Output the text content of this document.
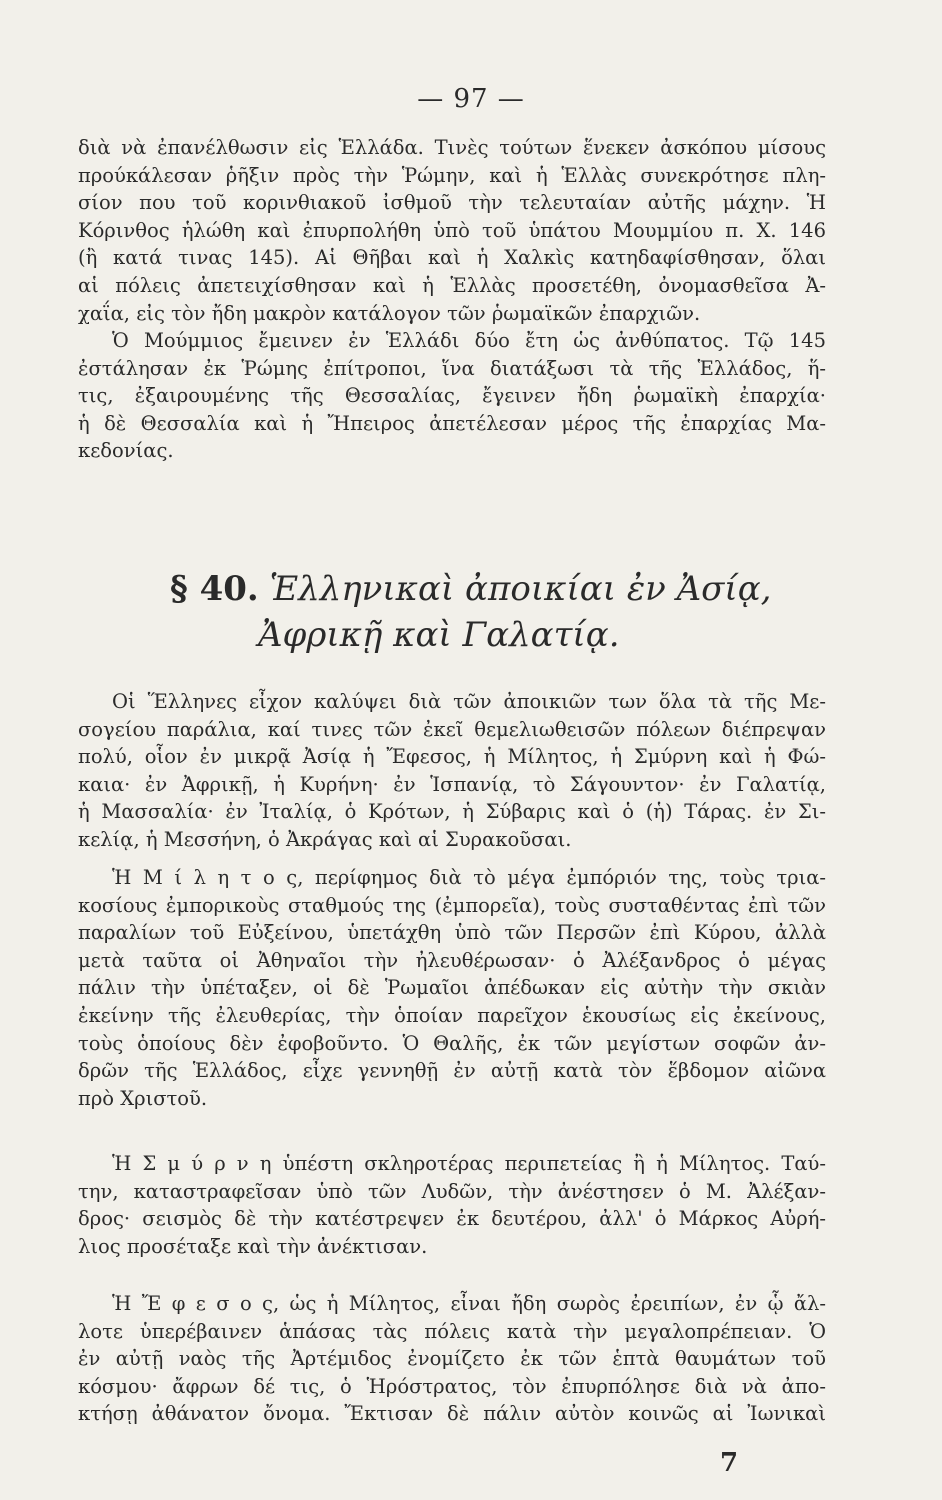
— 97 —
διὰ νὰ ἐπανέλθωσιν εἰς Ἑλλάδα. Τινὲς τούτων ἕνεκεν ἀσκόπου μίσους
προύκάλεσαν ῥῆξιν πρὸς τὴν Ῥώμην, καὶ ἡ Ἑλλὰς συνεκρότησε πλη-
σίον που τοῦ κορινθιακοῦ ἰσθμοῦ τὴν τελευταίαν αὐτῆς μάχην. Ἡ
Κόρινθος ἡλώθη καὶ ἐπυρπολήθη ὑπὸ τοῦ ὑπάτου Μουμμίου π. Χ. 146
(ἢ κατά τινας 145). Αἱ Θῆβαι καὶ ἡ Χαλκὶς κατηδαφίσθησαν, ὅλαι
αἱ πόλεις ἀπετειχίσθησαν καὶ ἡ Ἑλλὰς προσετέθη, ὀνομασθεῖσα Ἀ-
χαΐα, εἰς τὸν ἤδη μακρὸν κατάλογον τῶν ῥωμαϊκῶν ἐπαρχιῶν.
Ὁ Μούμμιος ἔμεινεν ἐν Ἑλλάδι δύο ἔτη ὡς ἀνθύπατος. Τῷ 145
ἐστάλησαν ἐκ Ῥώμης ἐπίτροποι, ἵνα διατάξωσι τὰ τῆς Ἑλλάδος, ἥ-
τις, ἐξαιρουμένης τῆς Θεσσαλίας, ἔγεινεν ἤδη ῥωμαϊκὴ ἐπαρχία·
ἡ δὲ Θεσσαλία καὶ ἡ Ἤπειρος ἀπετέλεσαν μέρος τῆς ἐπαρχίας Μα-
κεδονίας.
§ 40. Ἑλληνικαὶ ἀποικίαι ἐν Ἀσίᾳ,
Ἀφρικῇ καὶ Γαλατίᾳ.
Οἱ Ἕλληνες εἶχον καλύψει διὰ τῶν ἀποικιῶν των ὅλα τὰ τῆς Με-
σογείου παράλια, καί τινες τῶν ἐκεῖ θεμελιωθεισῶν πόλεων διέπρεψαν
πολύ, οἷον ἐν μικρᾷ Ἀσίᾳ ἡ Ἔφεσος, ἡ Μίλητος, ἡ Σμύρνη καὶ ἡ Φώ-
καια· ἐν Ἀφρικῇ, ἡ Κυρήνη· ἐν Ἱσπανίᾳ, τὸ Σάγουντον· ἐν Γαλατίᾳ,
ἡ Μασσαλία· ἐν Ἰταλίᾳ, ὁ Κρότων, ἡ Σύβαρις καὶ ὁ (ἡ) Τάρας. ἐν Σι-
κελίᾳ, ἡ Μεσσήνη, ὁ Ἀκράγας καὶ αἱ Συρακοῦσαι.
Ἡ Μ ί λ η τ ο ς, περίφημος διὰ τὸ μέγα ἐμπόριόν της, τοὺς τρια-
κοσίους ἐμπορικοὺς σταθμούς της (ἐμπορεῖα), τοὺς συσταθέντας ἐπὶ τῶν
παραλίων τοῦ Εὐξείνου, ὑπετάχθη ὑπὸ τῶν Περσῶν ἐπὶ Κύρου, ἀλλὰ
μετὰ ταῦτα οἱ Ἀθηναῖοι τὴν ἠλευθέρωσαν· ὁ Ἀλέξανδρος ὁ μέγας
πάλιν τὴν ὑπέταξεν, οἱ δὲ Ῥωμαῖοι ἀπέδωκαν εἰς αὐτὴν τὴν σκιὰν
ἐκείνην τῆς ἐλευθερίας, τὴν ὁποίαν παρεῖχον ἑκουσίως εἰς ἐκείνους,
τοὺς ὁποίους δὲν ἐφοβοῦντο. Ὁ Θαλῆς, ἐκ τῶν μεγίστων σοφῶν ἀν-
δρῶν τῆς Ἑλλάδος, εἶχε γεννηθῇ ἐν αὐτῇ κατὰ τὸν ἕβδομον αἰῶνα
πρὸ Χριστοῦ.
Ἡ Σ μ ύ ρ ν η ὑπέστη σκληροτέρας περιπετείας ἢ ἡ Μίλητος. Ταύ-
την, καταστραφεῖσαν ὑπὸ τῶν Λυδῶν, τὴν ἀνέστησεν ὁ Μ. Ἀλέξαν-
δρος· σεισμὸς δὲ τὴν κατέστρεψεν ἐκ δευτέρου, ἀλλ' ὁ Μάρκος Αὐρή-
λιος προσέταξε καὶ τὴν ἀνέκτισαν.
Ἡ Ἔ φ ε σ ο ς, ὡς ἡ Μίλητος, εἶναι ἤδη σωρὸς ἐρειπίων, ἐν ᾧ ἄλ-
λοτε ὑπερέβαινεν ἁπάσας τὰς πόλεις κατὰ τὴν μεγαλοπρέπειαν. Ὁ
ἐν αὐτῇ ναὸς τῆς Ἀρτέμιδος ἐνομίζετο ἐκ τῶν ἑπτὰ θαυμάτων τοῦ
κόσμου· ἄφρων δέ τις, ὁ Ἡρόστρατος, τὸν ἐπυρπόλησε διὰ νὰ ἀπο-
κτήσῃ ἀθάνατον ὄνομα. Ἔκτισαν δὲ πάλιν αὐτὸν κοινῶς αἱ Ἰωνικαὶ
7
